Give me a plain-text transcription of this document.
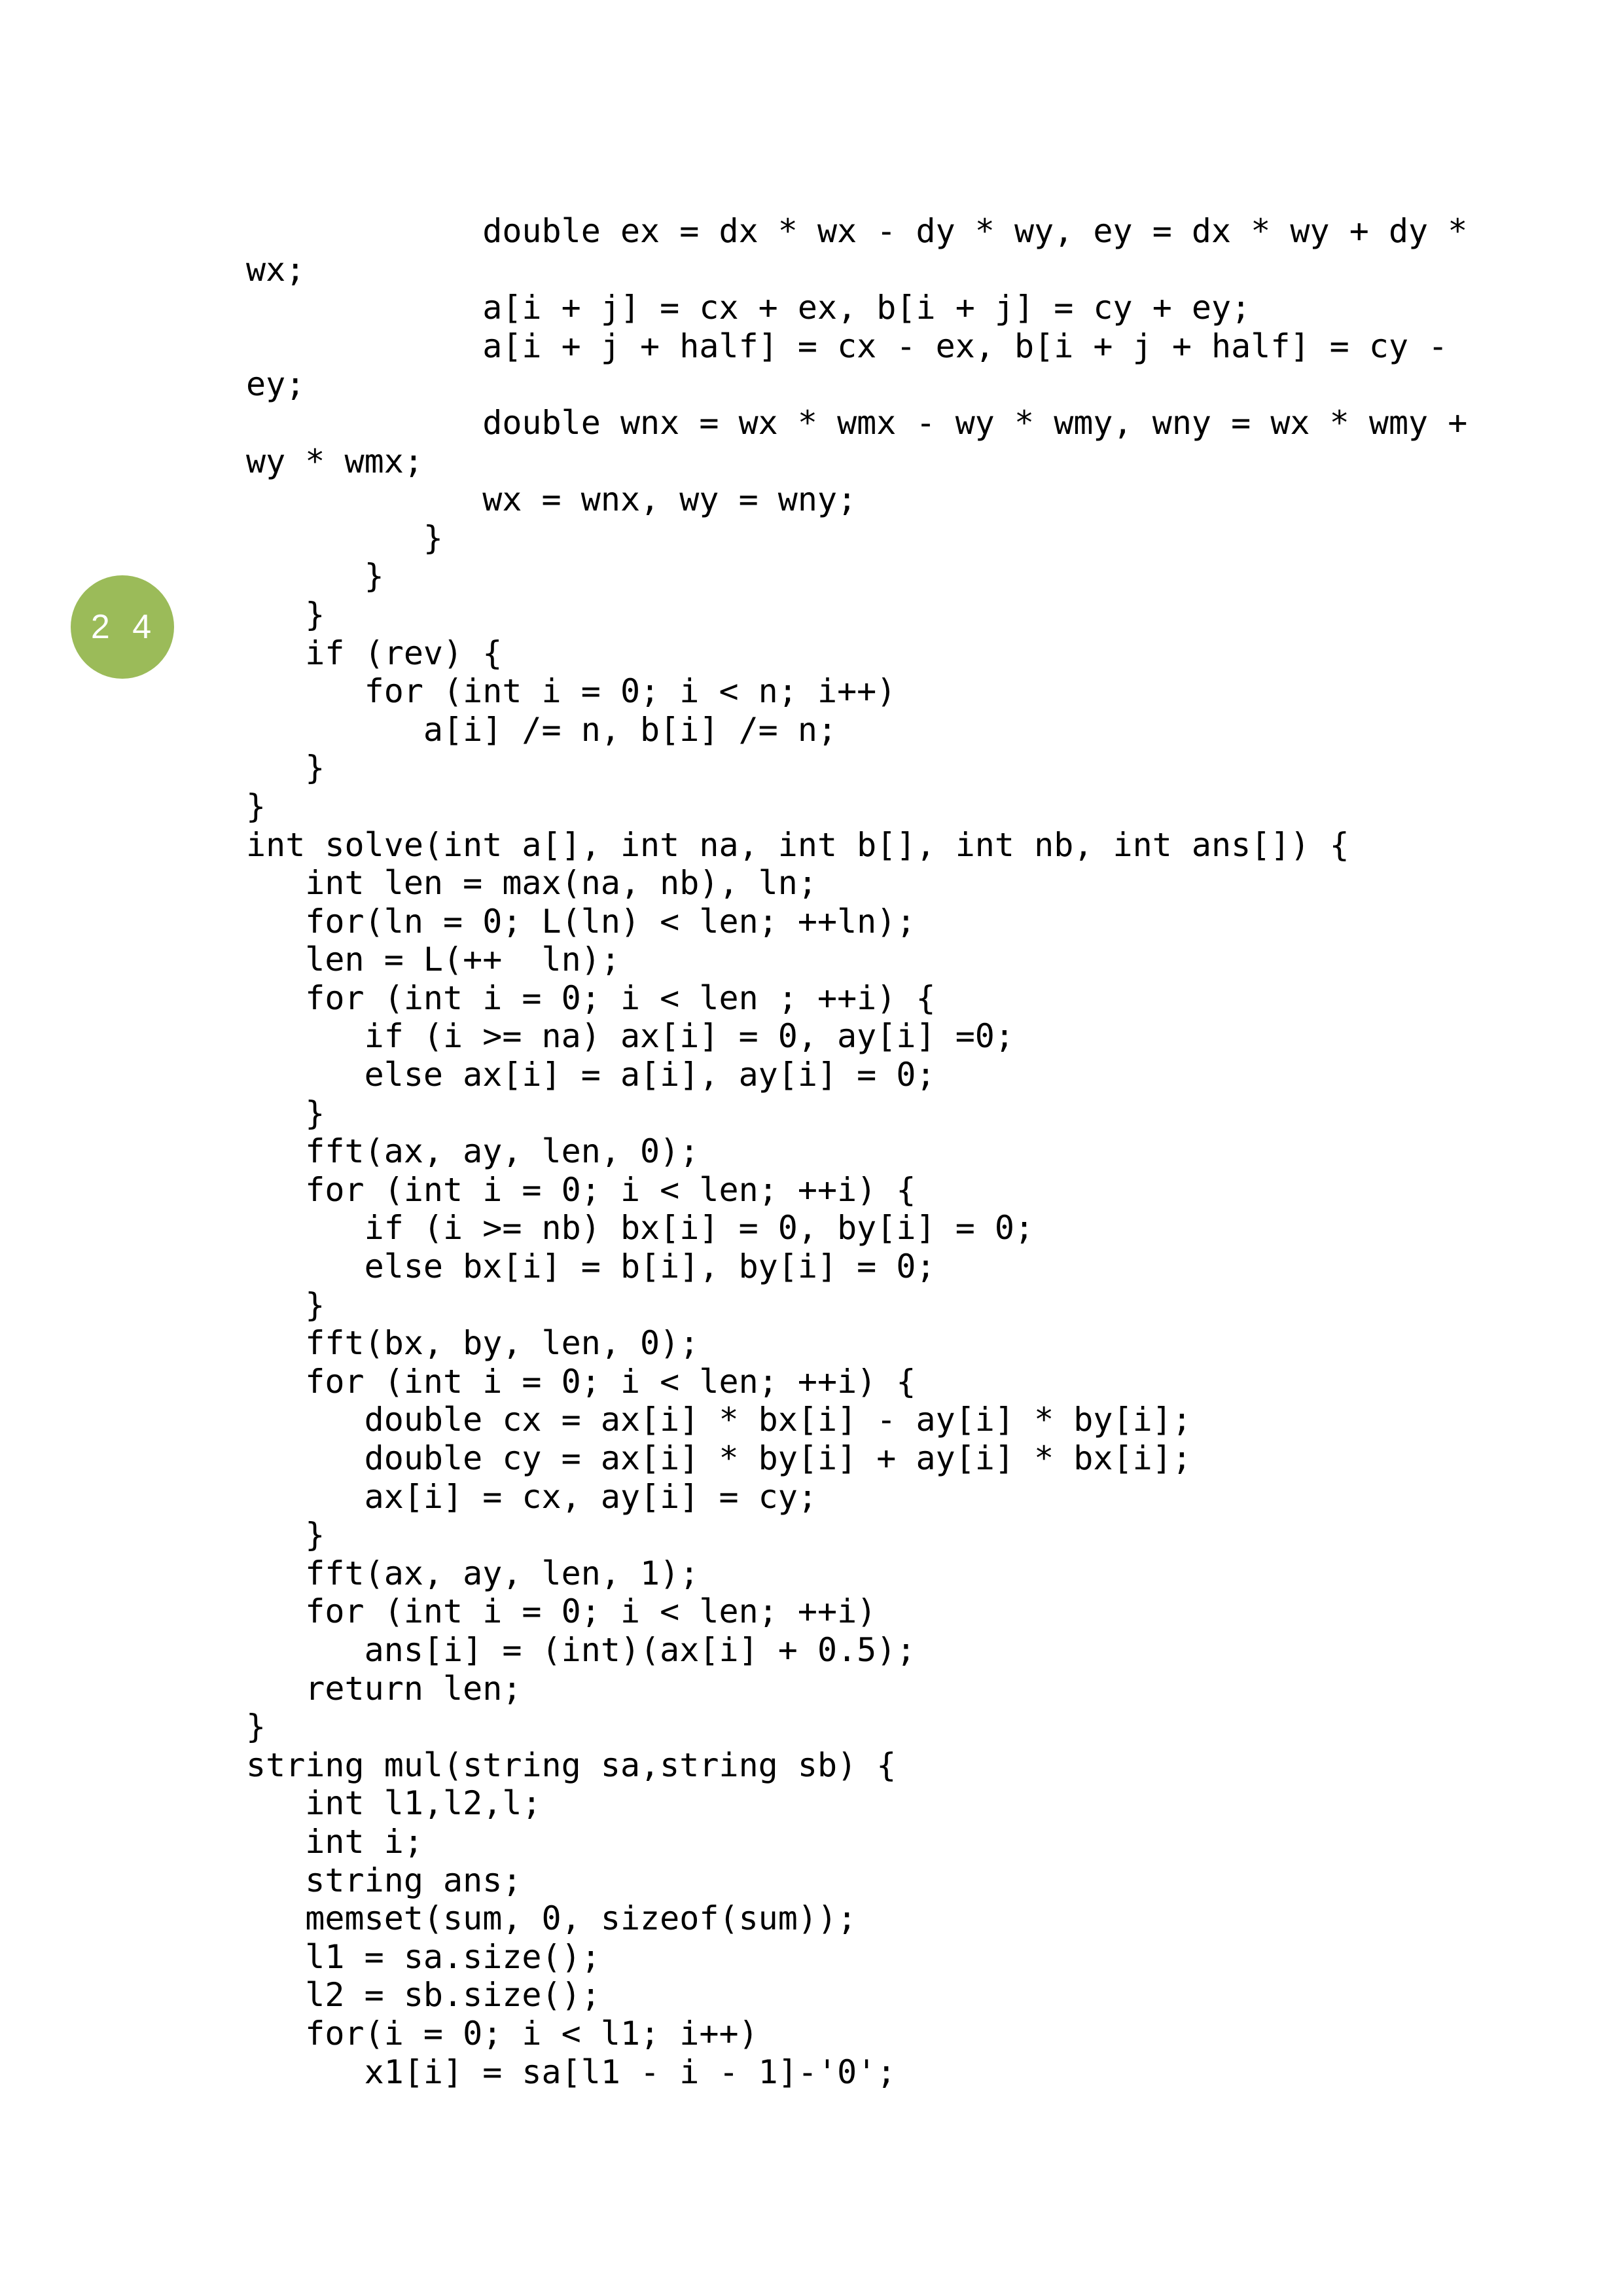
2 4
double ex = dx * wx - dy * wy, ey = dx * wy + dy *
wx;
a[i + j] = cx + ex, b[i + j] = cy + ey;
a[i + j + half] = cx - ex, b[i + j + half] = cy -
ey;
double wnx = wx * wmx - wy * wmy, wny = wx * wmy +
wy * wmx;
wx = wnx, wy = wny;
}
}
}
if (rev) {
for (int i = 0; i < n; i++)
a[i] /= n, b[i] /= n;
}
}
int solve(int a[], int na, int b[], int nb, int ans[]) {
int len = max(na, nb), ln;
for(ln = 0; L(ln) < len; ++ln);
len = L(++  ln);
for (int i = 0; i < len ; ++i) {
if (i >= na) ax[i] = 0, ay[i] =0;
else ax[i] = a[i], ay[i] = 0;
}
fft(ax, ay, len, 0);
for (int i = 0; i < len; ++i) {
if (i >= nb) bx[i] = 0, by[i] = 0;
else bx[i] = b[i], by[i] = 0;
}
fft(bx, by, len, 0);
for (int i = 0; i < len; ++i) {
double cx = ax[i] * bx[i] - ay[i] * by[i];
double cy = ax[i] * by[i] + ay[i] * bx[i];
ax[i] = cx, ay[i] = cy;
}
fft(ax, ay, len, 1);
for (int i = 0; i < len; ++i)
ans[i] = (int)(ax[i] + 0.5);
return len;
}
string mul(string sa,string sb) {
int l1,l2,l;
int i;
string ans;
memset(sum, 0, sizeof(sum));
l1 = sa.size();
l2 = sb.size();
for(i = 0; i < l1; i++)
x1[i] = sa[l1 - i - 1]-'0';
